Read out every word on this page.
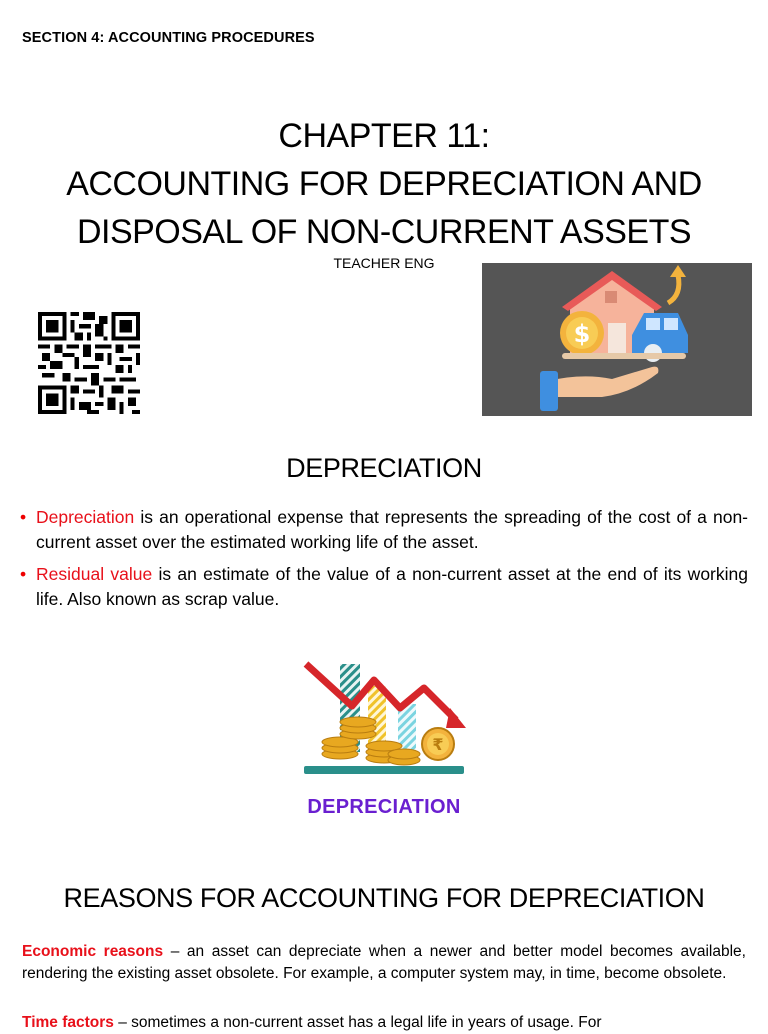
SECTION 4: ACCOUNTING PROCEDURES
CHAPTER 11:
ACCOUNTING FOR DEPRECIATION AND
DISPOSAL OF NON-CURRENT ASSETS
TEACHER ENG
$
DEPRECIATION
• Depreciation is an operational expense that represents the spreading of the cost of a non-current asset over the estimated working life of the asset.
• Residual value is an estimate of the value of a non-current asset at the end of its working life. Also known as scrap value.
₹
DEPRECIATION
REASONS FOR ACCOUNTING FOR DEPRECIATION
Economic reasons – an asset can depreciate when a newer and better model becomes available, rendering the existing asset obsolete. For example, a computer system may, in time, become obsolete.
Time factors – sometimes a non-current asset has a legal life in years of usage. For
